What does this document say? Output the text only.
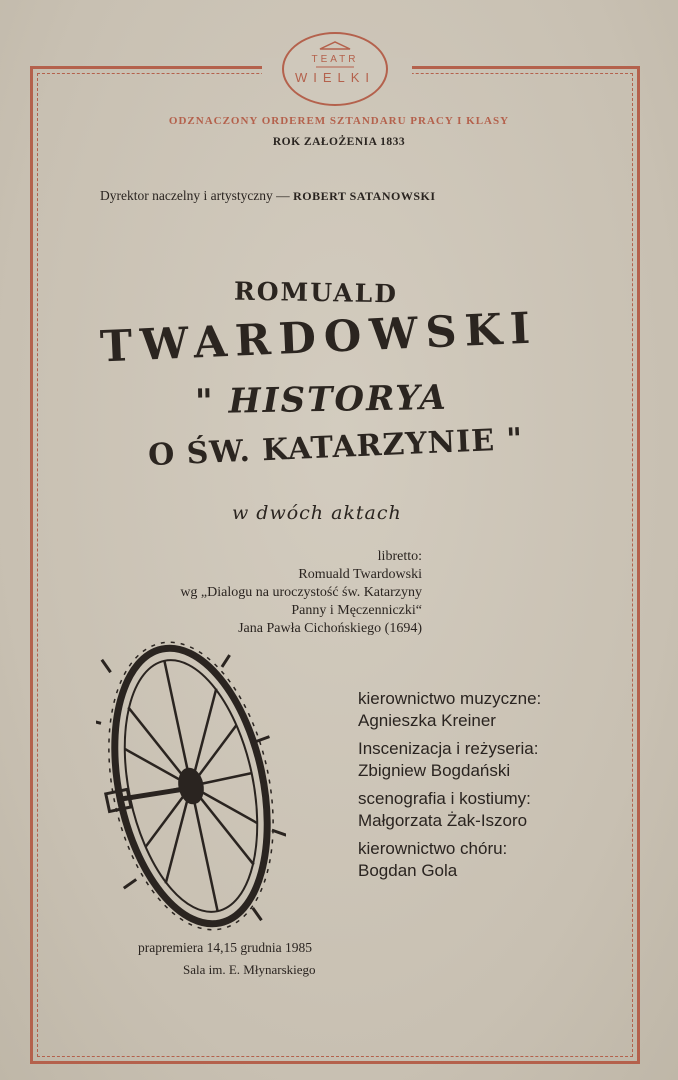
TEATR
WIELKI
ODZNACZONY ORDEREM SZTANDARU PRACY I KLASY
ROK ZAŁOŻENIA 1833
Dyrektor naczelny i artystyczny — ROBERT SATANOWSKI
ROMUALD
TWARDOWSKI
" HISTORYA
O ŚW. KATARZYNIE "
w dwóch aktach
libretto:
Romuald Twardowski
wg „Dialogu na uroczystość św. Katarzyny
Panny i Męczenniczki“
Jana Pawła Cichońskiego (1694)
kierownictwo muzyczne:
Agnieszka Kreiner
Inscenizacja i reżyseria:
Zbigniew Bogdański
scenografia i kostiumy:
Małgorzata Żak-Iszoro
kierownictwo chóru:
Bogdan Gola
prapremiera 14,15 grudnia 1985
Sala im. E. Młynarskiego
